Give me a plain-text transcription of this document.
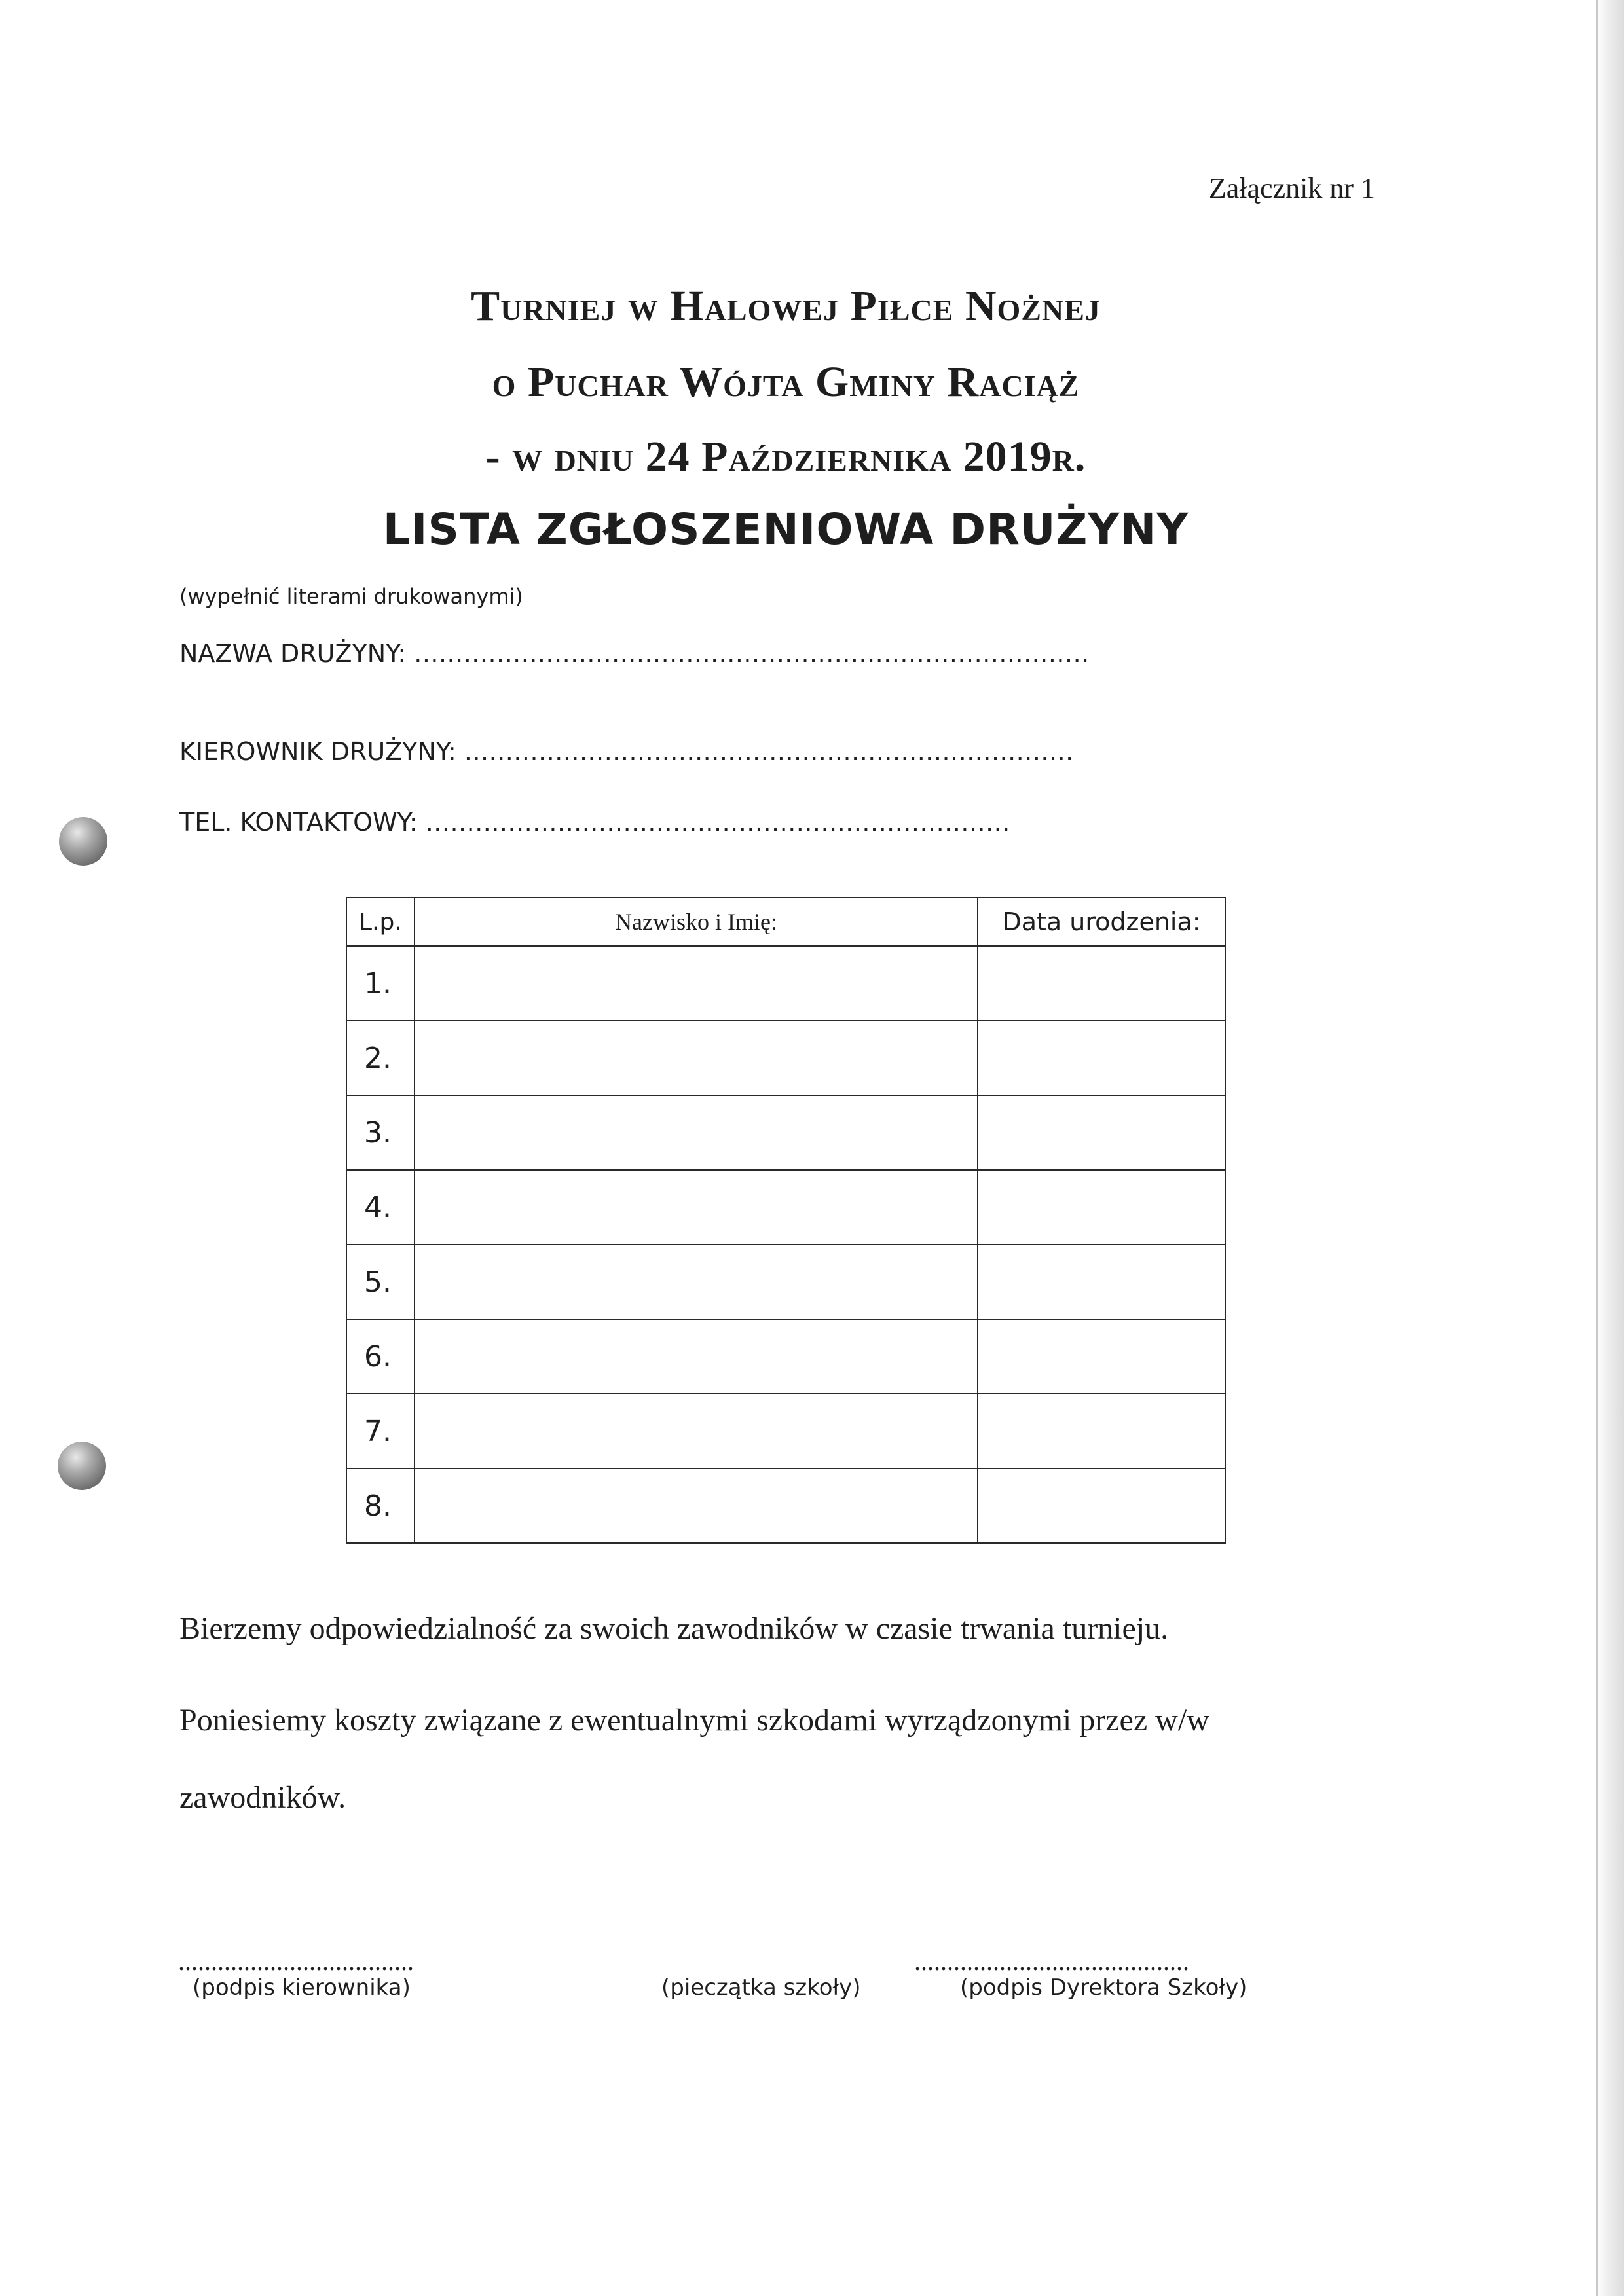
Załącznik nr 1
Turniej w Halowej Piłce Nożnej
o Puchar Wójta Gminy Raciąż
- w dniu 24 Października 2019r.
LISTA ZGŁOSZENIOWA DRUŻYNY
(wypełnić literami drukowanymi)
NAZWA DRUŻYNY: ..................................................................................
KIEROWNIK DRUŻYNY: ..........................................................................
TEL. KONTAKTOWY: .......................................................................
L.p.	Nazwisko i Imię:	Data urodzenia:
1.		
2.		
3.		
4.		
5.		
6.		
7.		
8.		
Bierzemy odpowiedzialność za swoich zawodników w czasie trwania turnieju.
Poniesiemy koszty związane z ewentualnymi szkodami wyrządzonymi przez w/w
zawodników.
....................................
(podpis kierownika)	(pieczątka szkoły)
..........................................
(podpis Dyrektora Szkoły)
